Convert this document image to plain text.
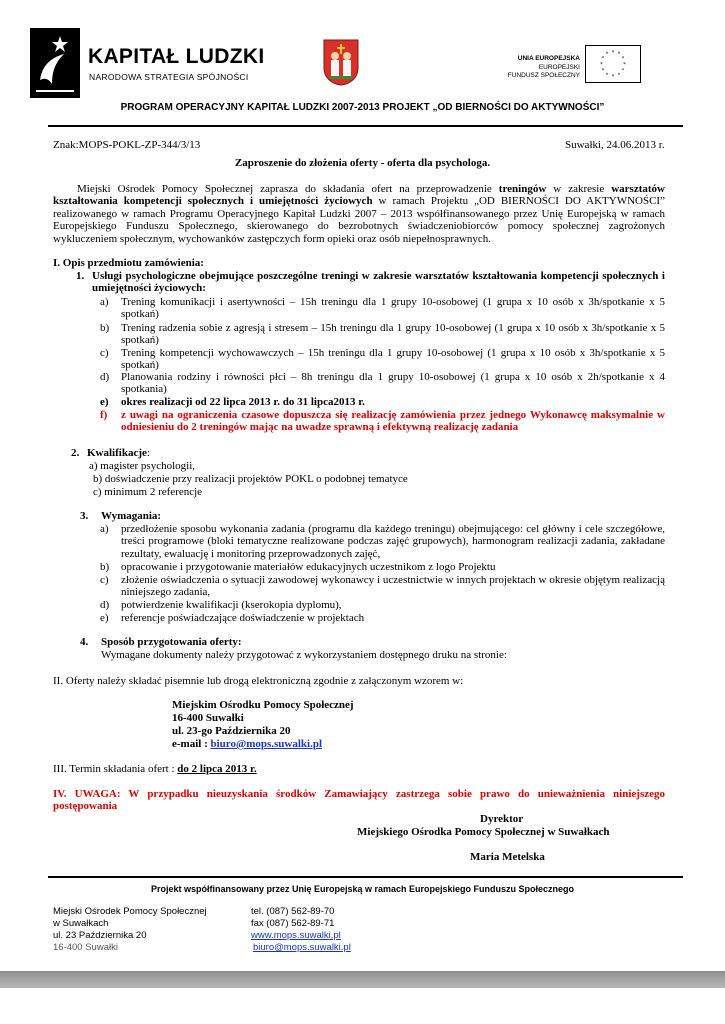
KAPITAŁ LUDZKI
NARODOWA STRATEGIA SPÓJNOŚCI
UNIA EUROPEJSKA
EUROPEJSKI
FUNDUSZ SPOŁECZNY
* *
*
*
*
*
*
*
*
*
*
*
PROGRAM OPERACYJNY KAPITAŁ LUDZKI 2007-2013 PROJEKT „OD BIERNOŚCI DO AKTYWNOŚCI”
Znak:MOPS-POKL-ZP-344/3/13	Suwałki, 24.06.2013 r.
Zaproszenie do złożenia oferty - oferta dla psychologa.
Miejski Ośrodek Pomocy Społecznej zaprasza do składania ofert na przeprowadzenie treningów w zakresie warsztatów kształtowania kompetencji społecznych i umiejętności życiowych w ramach Projektu „OD BIERNOŚCI DO AKTYWNOŚCI” realizowanego w ramach Programu Operacyjnego Kapitał Ludzki 2007 – 2013 współfinansowanego przez Unię Europejską w ramach Europejskiego Funduszu Społecznego, skierowanego do bezrobotnych świadczeniobiorców pomocy społecznej zagrożonych wykluczeniem społecznym, wychowanków zastępczych form opieki oraz osób niepełnosprawnych.
I. Opis przedmiotu zamówienia:
1. Usługi psychologiczne obejmujące poszczególne treningi w zakresie warsztatów kształtowania kompetencji społecznych i umiejętności życiowych:
a) Trening komunikacji i asertywności – 15h treningu dla 1 grupy 10-osobowej (1 grupa x 10 osób x 3h/spotkanie x 5 spotkań)
b) Trening radzenia sobie z agresją i stresem – 15h treningu dla 1 grupy 10-osobowej (1 grupa x 10 osób x 3h/spotkanie x 5 spotkań)
c) Trening kompetencji wychowawczych – 15h treningu dla 1 grupy 10-osobowej (1 grupa x 10 osób x 3h/spotkanie x 5 spotkań)
d) Planowania rodziny i równości płci – 8h treningu dla 1 grupy 10-osobowej (1 grupa x 10 osób x 2h/spotkanie x 4 spotkania)
e) okres realizacji od 22 lipca 2013 r. do 31 lipca2013 r.
f) z uwagi na ograniczenia czasowe dopuszcza się realizację zamówienia przez jednego Wykonawcę maksymalnie w odniesieniu do 2 treningów mając na uwadze sprawną i efektywną realizację zadania
2. Kwalifikacje:
a) magister psychologii,
b) doświadczenie przy realizacji projektów POKL o podobnej tematyce
c) minimum 2 referencje
3. Wymagania:
a) przedłożenie sposobu wykonania zadania (programu dla każdego treningu) obejmującego: cel główny i cele szczegółowe, treści programowe (bloki tematyczne realizowane podczas zajęć grupowych), harmonogram realizacji zadania, zakładane rezultaty, ewaluację i monitoring przeprowadzonych zajęć,
b) opracowanie i przygotowanie materiałów edukacyjnych uczestnikom z logo Projektu
c) złożenie oświadczenia o sytuacji zawodowej wykonawcy i uczestnictwie w innych projektach w okresie objętym realizacją niniejszego zadania,
d) potwierdzenie kwalifikacji (kserokopia dyplomu),
e) referencje poświadczające doświadczenie w projektach
4. Sposób przygotowania oferty:
Wymagane dokumenty należy przygotować z wykorzystaniem dostępnego druku na stronie:
II. Oferty należy składać pisemnie lub drogą elektroniczną zgodnie z załączonym wzorem w:
Miejskim Ośrodku Pomocy Społecznej
16-400 Suwałki
ul. 23-go Października 20
e-mail : biuro@mops.suwalki.pl
III. Termin składania ofert : do 2 lipca 2013 r.
IV. UWAGA: W przypadku nieuzyskania środków Zamawiający zastrzega sobie prawo do unieważnienia niniejszego postępowania
Dyrektor
Miejskiego Ośrodka Pomocy Społecznej w Suwałkach
Maria Metelska
Projekt współfinansowany przez Unię Europejską w ramach Europejskiego Funduszu Społecznego
Miejski Ośrodek Pomocy Społecznej
w Suwałkach
ul. 23 Października 20
16-400 Suwałki
tel. (087) 562-89-70
fax (087) 562-89-71
www.mops.suwalki.pl
biuro@mops.suwalki.pl
